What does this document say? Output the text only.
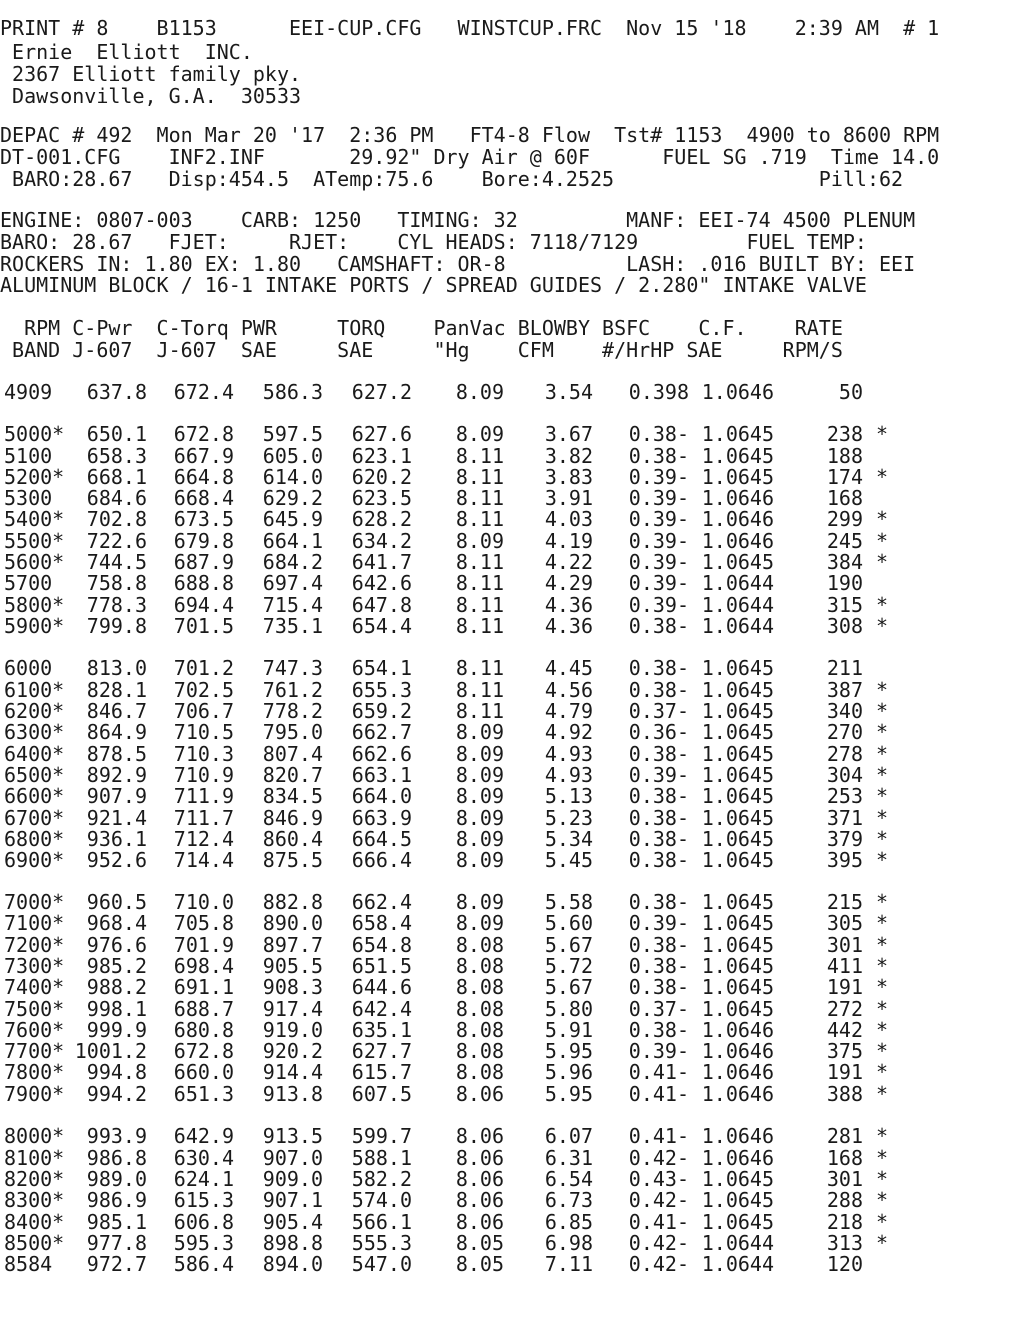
PRINT # 8    B1153      EEI-CUP.CFG   WINSTCUP.FRC  Nov 15 '18    2:39 AM  # 1
Ernie  Elliott  INC.
2367 Elliott family pky.
Dawsonville, G.A.  30533
DEPAC # 492  Mon Mar 20 '17  2:36 PM   FT4-8 Flow  Tst# 1153  4900 to 8600 RPM
DT-001.CFG    INF2.INF       29.92" Dry Air @ 60F      FUEL SG .719  Time 14.0
BARO:28.67   Disp:454.5  ATemp:75.6    Bore:4.2525                 Pill:62
ENGINE: 0807-003    CARB: 1250   TIMING: 32         MANF: EEI-74 4500 PLENUM
BARO: 28.67   FJET:     RJET:    CYL HEADS: 7118/7129         FUEL TEMP:
ROCKERS IN: 1.80 EX: 1.80   CAMSHAFT: OR-8          LASH: .016 BUILT BY: EEI
ALUMINUM BLOCK / 16-1 INTAKE PORTS / SPREAD GUIDES / 2.280" INTAKE VALVE
RPM C-Pwr  C-Torq PWR     TORQ    PanVac BLOWBY BSFC    C.F.    RATE
BAND J-607  J-607  SAE     SAE     "Hg    CFM    #/HrHP SAE     RPM/S
4909 637.8 672.4 586.3 627.2 8.09 3.54 0.398 1.0646	50
5000* 650.1 672.8 597.5 627.6 8.09 3.67 0.38- 1.0645	238 *
5100 658.3 667.9 605.0 623.1 8.11 3.82 0.38- 1.0645	188
5200* 668.1 664.8 614.0 620.2 8.11 3.83 0.39- 1.0645	174 *
5300 684.6 668.4 629.2 623.5 8.11 3.91 0.39- 1.0646	168
5400* 702.8 673.5 645.9 628.2 8.11 4.03 0.39- 1.0646	299 *
5500* 722.6 679.8 664.1 634.2 8.09 4.19 0.39- 1.0646	245 *
5600* 744.5 687.9 684.2 641.7 8.11 4.22 0.39- 1.0645	384 *
5700 758.8 688.8 697.4 642.6 8.11 4.29 0.39- 1.0644	190
5800* 778.3 694.4 715.4 647.8 8.11 4.36 0.39- 1.0644	315 *
5900* 799.8 701.5 735.1 654.4 8.11 4.36 0.38- 1.0644	308 *
6000 813.0 701.2 747.3 654.1 8.11 4.45 0.38- 1.0645	211
6100* 828.1 702.5 761.2 655.3 8.11 4.56 0.38- 1.0645	387 *
6200* 846.7 706.7 778.2 659.2 8.11 4.79 0.37- 1.0645	340 *
6300* 864.9 710.5 795.0 662.7 8.09 4.92 0.36- 1.0645	270 *
6400* 878.5 710.3 807.4 662.6 8.09 4.93 0.38- 1.0645	278 *
6500* 892.9 710.9 820.7 663.1 8.09 4.93 0.39- 1.0645	304 *
6600* 907.9 711.9 834.5 664.0 8.09 5.13 0.38- 1.0645	253 *
6700* 921.4 711.7 846.9 663.9 8.09 5.23 0.38- 1.0645	371 *
6800* 936.1 712.4 860.4 664.5 8.09 5.34 0.38- 1.0645	379 *
6900* 952.6 714.4 875.5 666.4 8.09 5.45 0.38- 1.0645	395 *
7000* 960.5 710.0 882.8 662.4 8.09 5.58 0.38- 1.0645	215 *
7100* 968.4 705.8 890.0 658.4 8.09 5.60 0.39- 1.0645	305 *
7200* 976.6 701.9 897.7 654.8 8.08 5.67 0.38- 1.0645	301 *
7300* 985.2 698.4 905.5 651.5 8.08 5.72 0.38- 1.0645	411 *
7400* 988.2 691.1 908.3 644.6 8.08 5.67 0.38- 1.0645	191 *
7500* 998.1 688.7 917.4 642.4 8.08 5.80 0.37- 1.0645	272 *
7600* 999.9 680.8 919.0 635.1 8.08 5.91 0.38- 1.0646	442 *
7700* 1001.2 672.8 920.2 627.7 8.08 5.95 0.39- 1.0646	375 *
7800* 994.8 660.0 914.4 615.7 8.08 5.96 0.41- 1.0646	191 *
7900* 994.2 651.3 913.8 607.5 8.06 5.95 0.41- 1.0646	388 *
8000* 993.9 642.9 913.5 599.7 8.06 6.07 0.41- 1.0646	281 *
8100* 986.8 630.4 907.0 588.1 8.06 6.31 0.42- 1.0646	168 *
8200* 989.0 624.1 909.0 582.2 8.06 6.54 0.43- 1.0645	301 *
8300* 986.9 615.3 907.1 574.0 8.06 6.73 0.42- 1.0645	288 *
8400* 985.1 606.8 905.4 566.1 8.06 6.85 0.41- 1.0645	218 *
8500* 977.8 595.3 898.8 555.3 8.05 6.98 0.42- 1.0644	313 *
8584 972.7 586.4 894.0 547.0 8.05 7.11 0.42- 1.0644	120
